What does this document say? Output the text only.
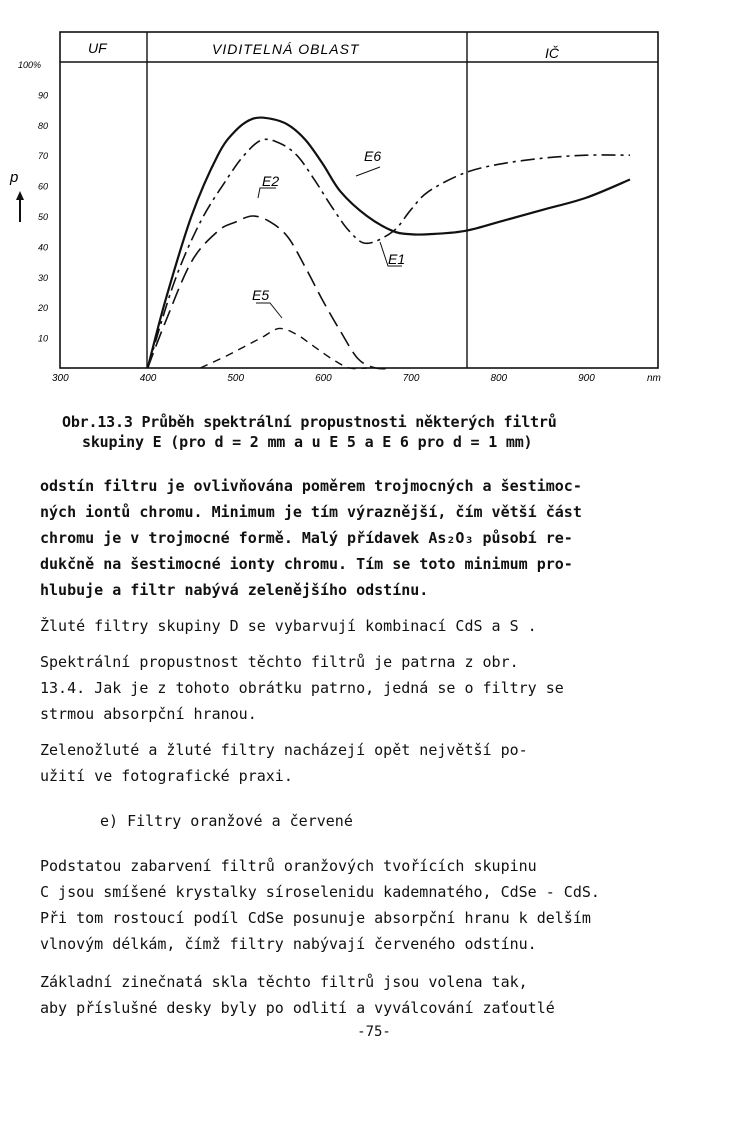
UF	VIDITELNÁ OBLAST	IČ
100%
90
80
70
60
50
40
30
20
10
300	400	500	600	700	800	900
p
nm
E6
E2
E1
E5
Obr.13.3 Průběh spektrální propustnosti některých filtrů
skupiny E (pro d = 2 mm a u E 5 a E 6 pro d = 1 mm)
odstín filtru je ovlivňována poměrem trojmocných a šestimoc-
ných iontů chromu. Minimum je tím výraznější, čím větší část
chromu je v trojmocné formě. Malý přídavek As₂O₃ působí re-
dukčně na šestimocné ionty chromu. Tím se toto minimum pro-
hlubuje a filtr nabývá zelenějšího odstínu.
Žluté filtry skupiny D se vybarvují kombinací CdS a S .
Spektrální propustnost těchto filtrů je patrna z obr.
13.4. Jak je z tohoto obrátku patrno, jedná se o filtry se
strmou absorpční hranou.
Zelenožluté a žluté filtry nacházejí opět největší po-
užití ve fotografické praxi.
e) Filtry oranžové a červené
Podstatou zabarvení filtrů oranžových tvořících skupinu
C jsou smíšené krystalky síroselenidu kademnatého, CdSe - CdS.
Při tom rostoucí podíl CdSe posunuje absorpční hranu k delším
vlnovým délkám, čímž filtry nabývají červeného odstínu.
Základní zinečnatá skla těchto filtrů jsou volena tak,
aby příslušné desky byly po odlití a vyválcování zaťoutlé
-75-
